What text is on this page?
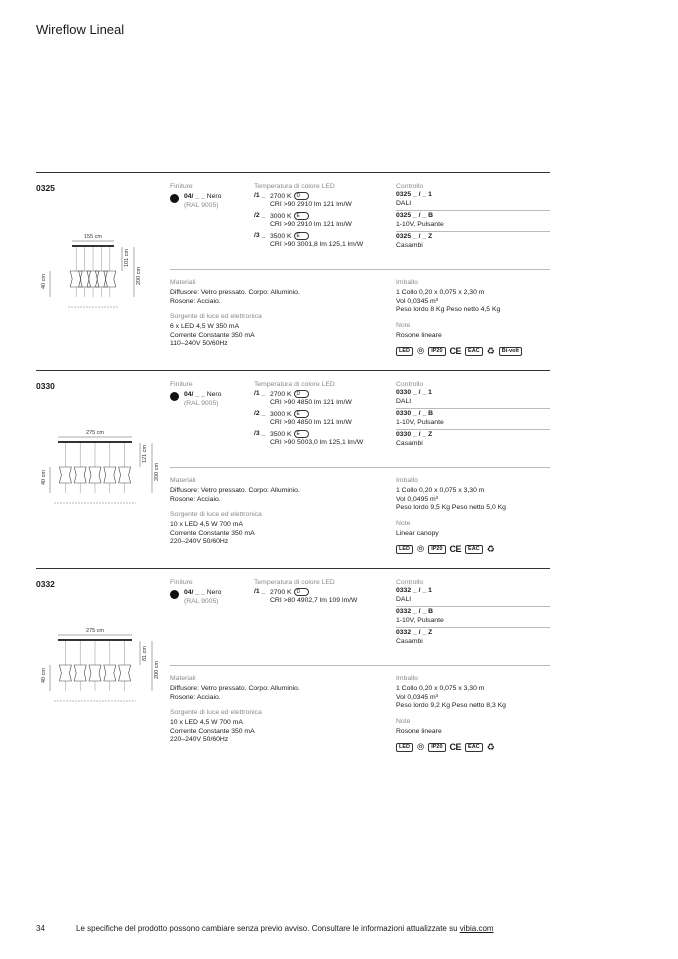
Wireflow Lineal
0325	Finiture
04/ _ _ Nero
(RAL 9005)
Temperatura di colore LED
/1 _ 2700 K D
CRI >90 2910 lm 121 lm/W
/2 _ 3000 K E
CRI >90 2910 lm 121 lm/W
/3 _ 3500 K E
CRI >90 3001,8 lm 125,1 lm/W
Controllo
0325 _ / _ 1
DALI
0325 _ / _ B
1-10V, Pulsante
0325 _ / _ Z
Casambi
Materiali
Diffusore: Vetro pressato. Corpo: Alluminio.
Rosone: Acciaio.
Sorgente di luce ed elettronica
6 x LED 4,5 W 350 mA
Corrente Constante 350 mA
110–240V 50/60Hz
Imballo
1 Collo 0,20 x 0,075 x 2,30 m
Vol 0,0345 m³
Peso lordo 8 Kg Peso netto 4,5 Kg
Note
Rosone lineare
LED ⦾	IP20 CE	EAC ♻	Bi-volt
155 cm
40 cm
101 cm
200 cm
0330	Finiture
04/ _ _ Nero
(RAL 9005)
Temperatura di colore LED
/1 _ 2700 K D
CRI >90 4850 lm 121 lm/W
/2 _ 3000 K E
CRI >90 4850 lm 121 lm/W
/3 _ 3500 K E
CRI >90 5003,0 lm 125,1 lm/W
Controllo
0330 _ / _ 1
DALI
0330 _ / _ B
1-10V, Pulsante
0330 _ / _ Z
Casambi
Materiali
Diffusore: Vetro pressato. Corpo: Alluminio.
Rosone: Acciaio.
Sorgente di luce ed elettronica
10 x LED 4,5 W 700 mA
Corrente Constante 350 mA
220–240V 50/60Hz
Imballo
1 Collo 0,20 x 0,075 x 3,30 m
Vol 0,0495 m³
Peso lordo 9,5 Kg Peso netto 5,0 Kg
Note
Linear canopy
LED ⦾	IP20 CE	EAC ♻
275 cm
40 cm
121 cm
200 cm
0332	Finiture
04/ _ _ Nero
(RAL 9005)
Temperatura di colore LED
/1 _ 2700 K D
CRI >80 4902,7 lm 109 lm/W
Controllo
0332 _ / _ 1
DALI
0332 _ / _ B
1-10V, Pulsante
0332 _ / _ Z
Casambi
Materiali
Diffusore: Vetro pressato. Corpo: Alluminio.
Rosone: Acciaio.
Sorgente di luce ed elettronica
10 x LED 4,5 W 700 mA
Corrente Constante 350 mA
220–240V 50/60Hz
Imballo
1 Collo 0,20 x 0,075 x 3,30 m
Vol 0,0345 m³
Peso lordo 9,2 Kg Peso netto 8,3 Kg
Note
Rosone lineare
LED ⦾	IP20 CE	EAC ♻
275 cm
40 cm
81 cm
200 cm
34	Le specifiche del prodotto possono cambiare senza previo avviso. Consultare le informazioni attualizzate su vibia.com
